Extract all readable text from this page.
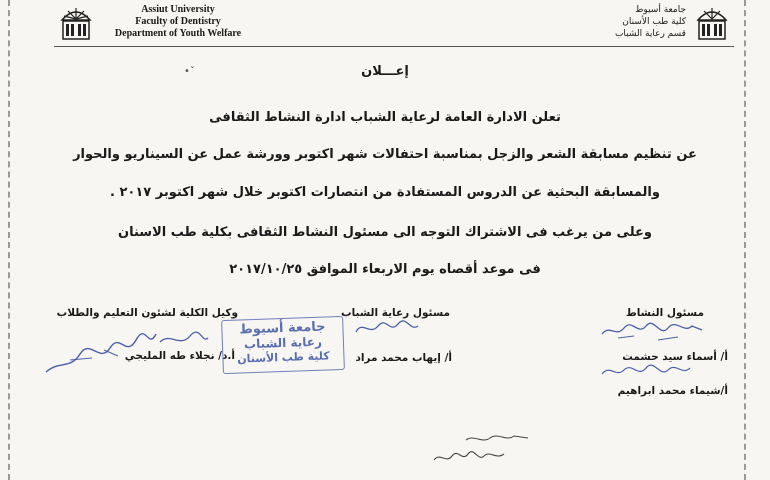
Assiut University
Faculty of Dentistry
Department of Youth Welfare
جامعة أسيوط
كلية طب الأسنان
قسم رعاية الشباب
•ˇ	إعـــلان
تعلن الادارة العامة لرعاية الشباب ادارة النشاط الثقافى
عن تنظيم مسابقة الشعر والزجل بمناسبة احتفالات شهر اكتوبر وورشة عمل عن السيناريو والحوار
والمسابقة البحثية عن الدروس المستفادة من انتصارات اكتوبر خلال شهر اكتوبر ٢٠١٧ .
وعلى من يرغب فى الاشتراك التوجه الى مسئول النشاط الثقافى بكلية طب الاسنان
فى موعد أقصاه يوم الاربعاء الموافق ٢٠١٧/١٠/٢٥
مسئول النشاط
أ/ أسماء سيد حشمت
أ/شيماء محمد ابراهيم
مسئول رعاية الشباب
أ/ إيهاب محمد مراد
وكيل الكلية لشئون التعليم والطلاب
أ.د/ نجلاء طه المليجي
جامعة أسيوط
رعاية الشباب
كلية طب الأسنان
